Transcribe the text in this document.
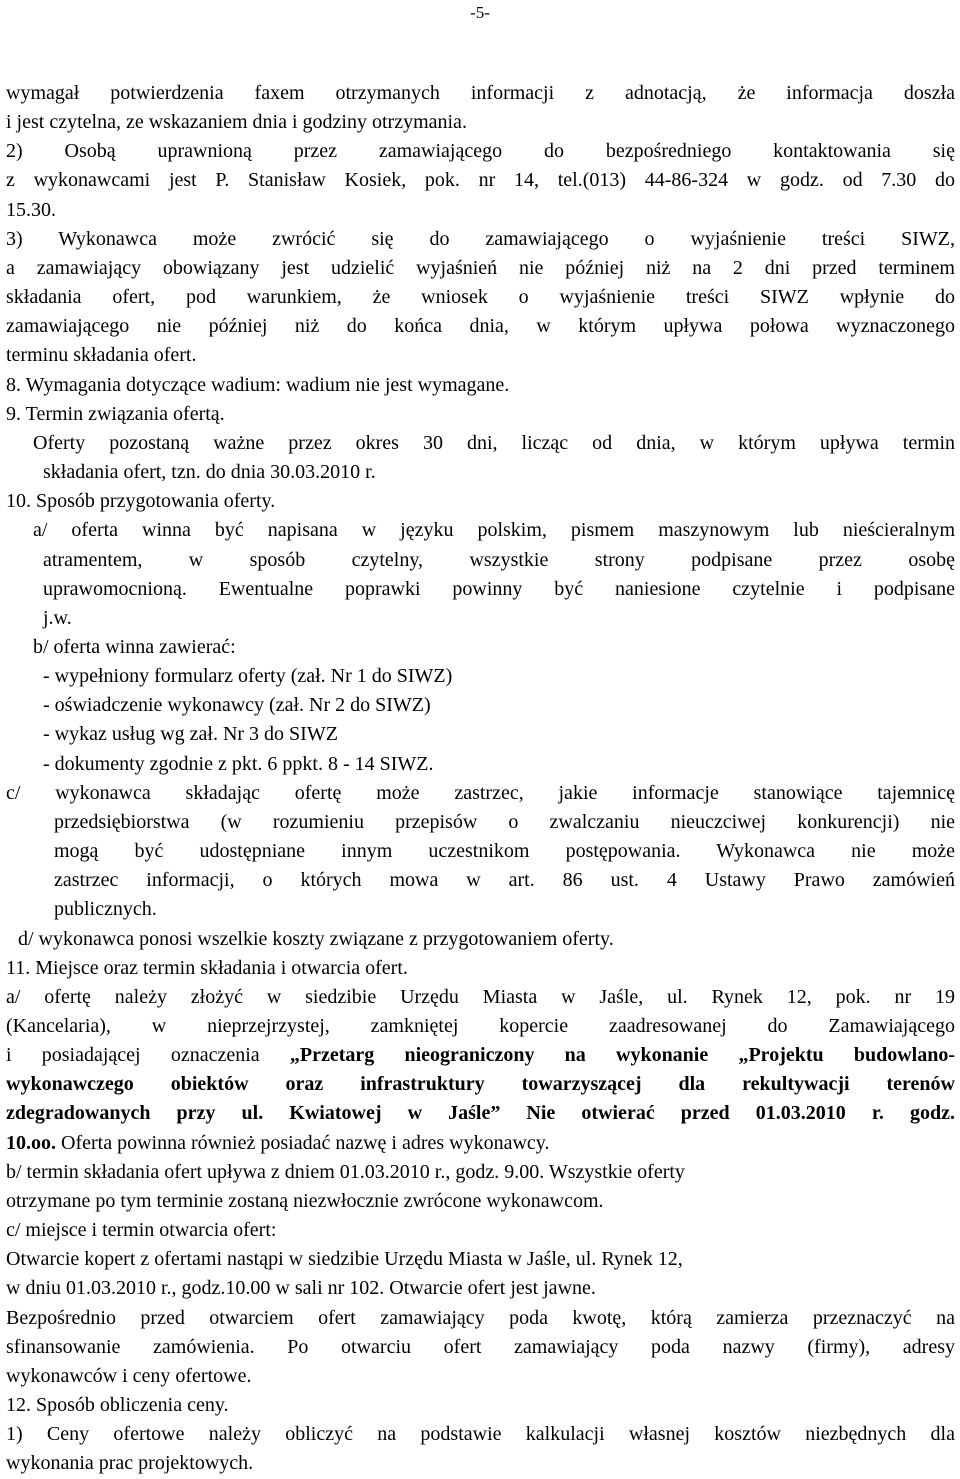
-5-

wymagał potwierdzenia faxem otrzymanych informacji z adnotacją, że informacja doszła

i jest czytelna, ze wskazaniem dnia i godziny otrzymania.

2) Osobą uprawnioną przez zamawiającego do bezpośredniego kontaktowania się

z wykonawcami jest P. Stanisław Kosiek, pok. nr 14, tel.(013) 44-86-324 w godz. od 7.30 do

15.30.

3) Wykonawca może zwrócić się do zamawiającego o wyjaśnienie treści SIWZ,

a zamawiający obowiązany jest udzielić wyjaśnień nie później niż na 2 dni przed terminem

składania ofert, pod warunkiem, że wniosek o wyjaśnienie treści SIWZ wpłynie do

zamawiającego nie później niż do końca dnia, w którym upływa połowa wyznaczonego

terminu składania ofert.

8. Wymagania dotyczące wadium: wadium nie jest wymagane.

9. Termin związania ofertą.

Oferty pozostaną ważne przez okres 30 dni, licząc od dnia, w którym upływa termin

składania ofert, tzn. do dnia 30.03.2010 r.

10. Sposób przygotowania oferty.

a/ oferta winna być napisana w języku polskim, pismem maszynowym lub nieścieralnym

atramentem, w sposób czytelny, wszystkie strony podpisane przez osobę

uprawomocnioną. Ewentualne poprawki powinny być naniesione czytelnie i podpisane

j.w.

b/ oferta winna zawierać:

- wypełniony formularz oferty (zał. Nr 1 do SIWZ)

- oświadczenie wykonawcy (zał. Nr 2 do SIWZ)

- wykaz usług wg zał. Nr 3 do SIWZ

- dokumenty zgodnie z pkt. 6 ppkt. 8 - 14 SIWZ.

c/ wykonawca składając ofertę może zastrzec, jakie informacje stanowiące tajemnicę

przedsiębiorstwa (w rozumieniu przepisów o zwalczaniu nieuczciwej konkurencji) nie

mogą być udostępniane innym uczestnikom postępowania. Wykonawca nie może

zastrzec informacji, o których mowa w art. 86 ust. 4 Ustawy Prawo zamówień

publicznych.

d/ wykonawca ponosi wszelkie koszty związane z przygotowaniem oferty.

11. Miejsce oraz termin składania i otwarcia ofert.

a/ ofertę należy złożyć w siedzibie Urzędu Miasta w Jaśle, ul. Rynek 12, pok. nr 19

(Kancelaria), w nieprzejrzystej, zamkniętej kopercie zaadresowanej do Zamawiającego

i posiadającej oznaczenia „Przetarg nieograniczony na wykonanie „Projektu budowlano-

wykonawczego obiektów oraz infrastruktury towarzyszącej dla rekultywacji terenów

zdegradowanych przy ul. Kwiatowej w Jaśle” Nie otwierać przed 01.03.2010 r. godz.

10.oo. Oferta powinna również posiadać nazwę i adres wykonawcy.

b/ termin składania ofert upływa z dniem 01.03.2010 r., godz. 9.00. Wszystkie oferty

otrzymane po tym terminie zostaną niezwłocznie zwrócone wykonawcom.

c/ miejsce i termin otwarcia ofert:

Otwarcie kopert z ofertami nastąpi w siedzibie Urzędu Miasta w Jaśle, ul. Rynek 12,

w dniu 01.03.2010 r., godz.10.00 w sali nr 102. Otwarcie ofert jest jawne.

Bezpośrednio przed otwarciem ofert zamawiający poda kwotę, którą zamierza przeznaczyć na

sfinansowanie zamówienia. Po otwarciu ofert zamawiający poda nazwy (firmy), adresy

wykonawców i ceny ofertowe.

12. Sposób obliczenia ceny.

1) Ceny ofertowe należy obliczyć na podstawie kalkulacji własnej kosztów niezbędnych dla

wykonania prac projektowych.
